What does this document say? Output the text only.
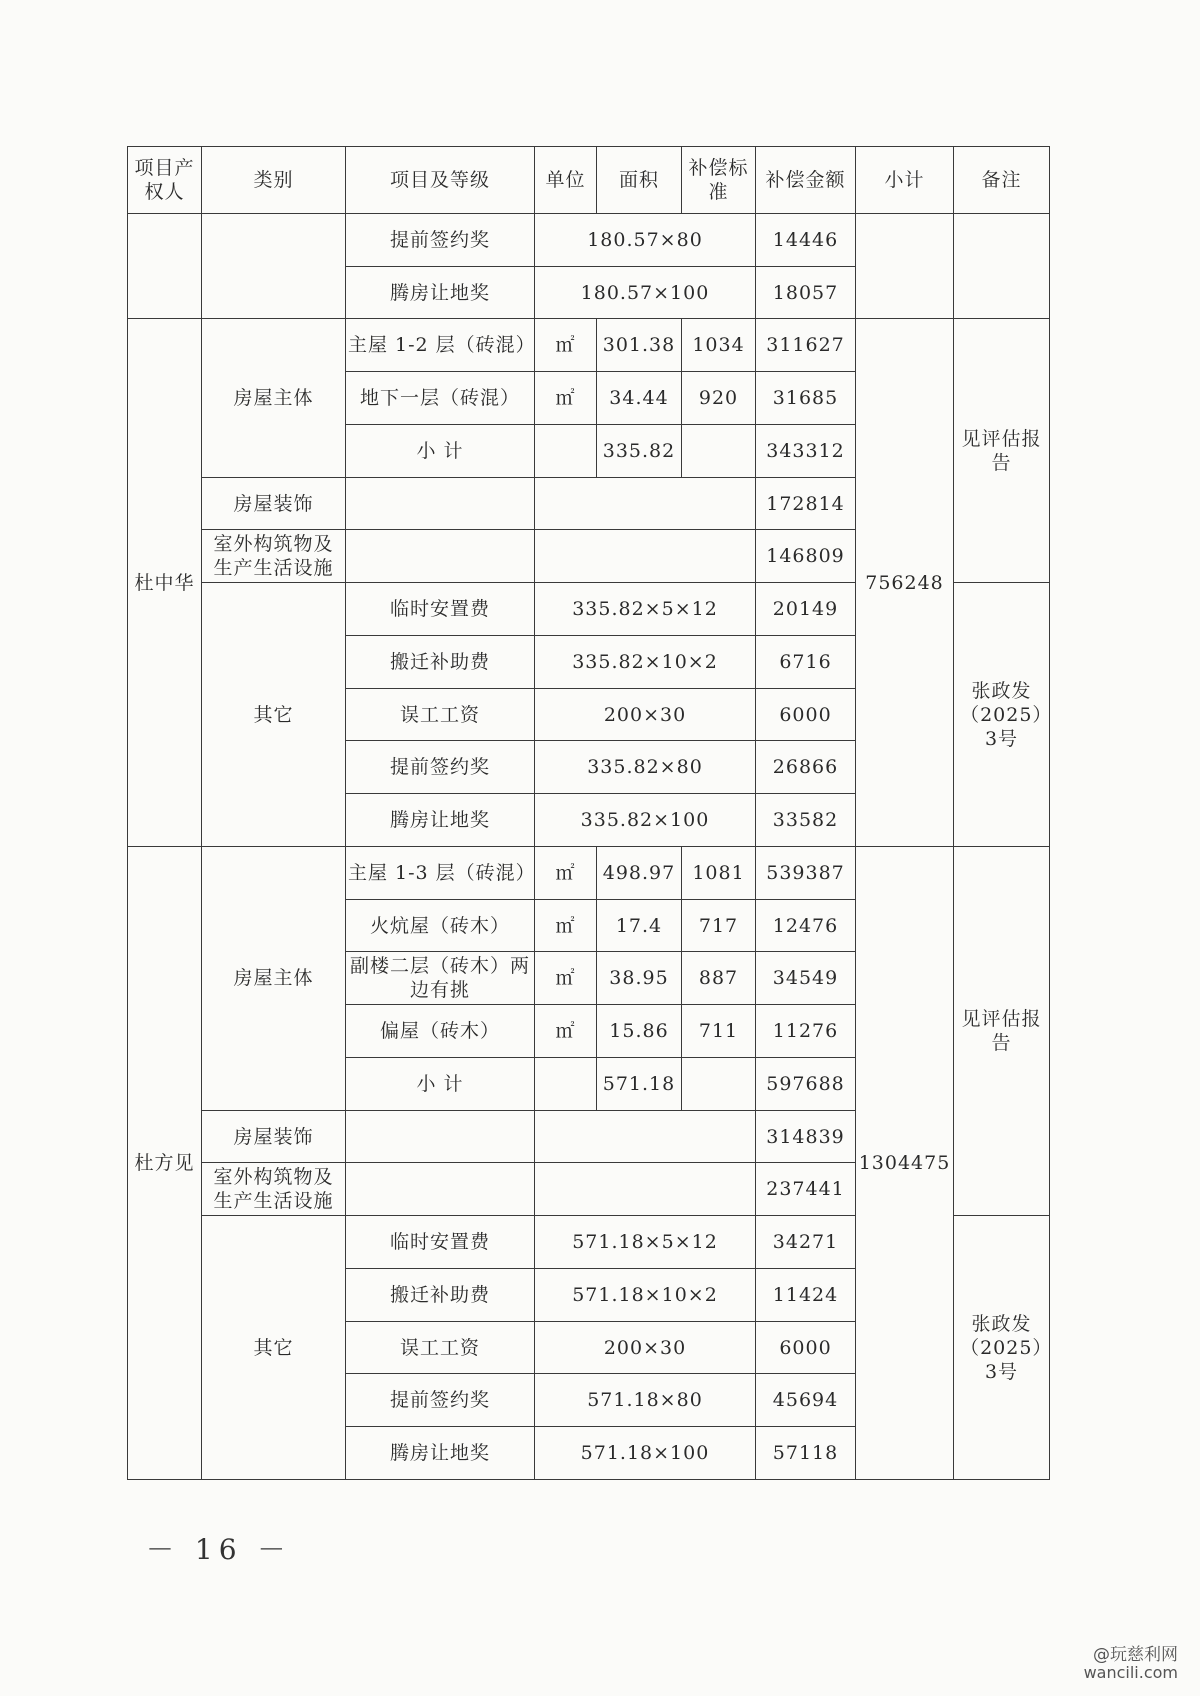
项目产权人	类别	项目及等级	单位	面积	补偿标准	补偿金额	小计	备注
		提前签约奖	180.57×80			14446		
		腾房让地奖	180.57×100			18057		
杜中华	房屋主体	主屋 1-2 层（砖混）	㎡	301.38	1034	311627	756248	见评估报告
		地下一层（砖混）	㎡	34.44	920	31685		
		小 计		335.82		343312		
	房屋装饰					172814		
	室外构筑物及生产生活设施					146809		
	其它	临时安置费	335.82×5×12			20149		张政发（2025）3号
		搬迁补助费	335.82×10×2			6716		
		误工工资	200×30			6000		
		提前签约奖	335.82×80			26866		
		腾房让地奖	335.82×100			33582		
杜方见	房屋主体	主屋 1-3 层（砖混）	㎡	498.97	1081	539387	1304475	见评估报告
		火炕屋（砖木）	㎡	17.4	717	12476		
		副楼二层（砖木）两边有挑	㎡	38.95	887	34549		
		偏屋（砖木）	㎡	15.86	711	11276		
		小 计		571.18		597688		
	房屋装饰					314839		
	室外构筑物及生产生活设施					237441		
	其它	临时安置费	571.18×5×12			34271		张政发（2025）3号
		搬迁补助费	571.18×10×2			11424		
		误工工资	200×30			6000		
		提前签约奖	571.18×80			45694		
		腾房让地奖	571.18×100			57118		
－ 16 －
@玩慈利网
wancili.com
